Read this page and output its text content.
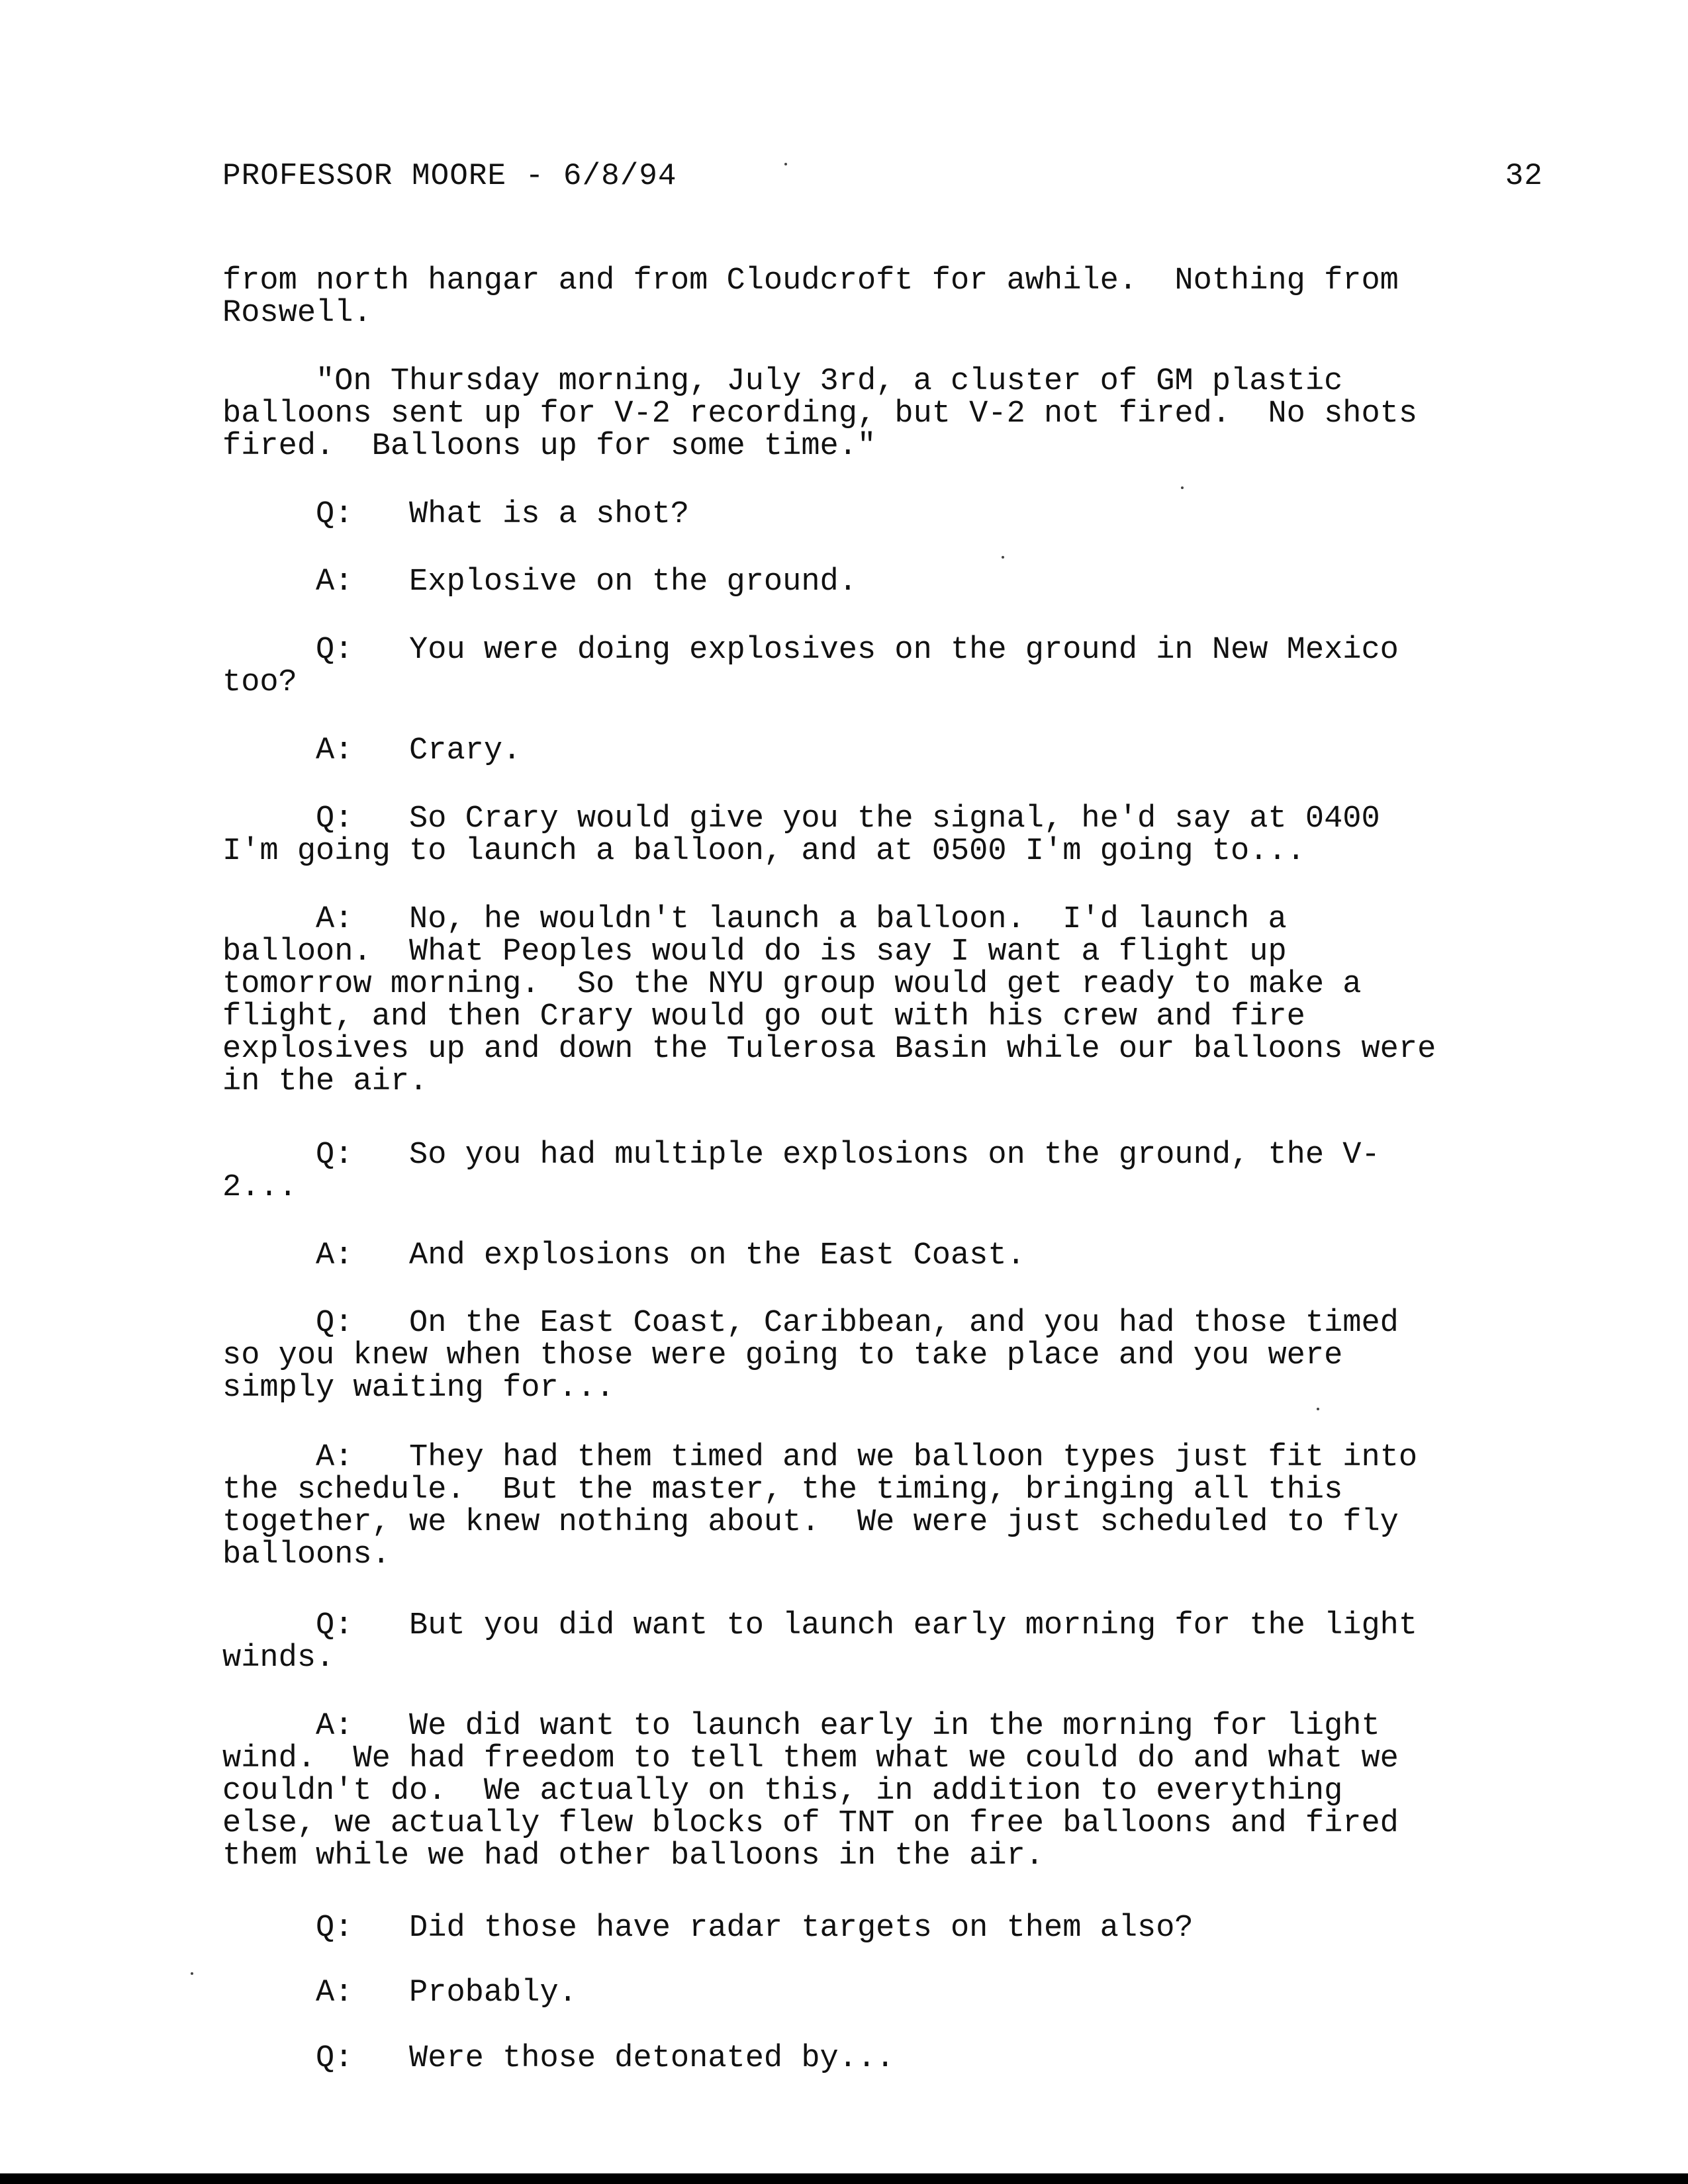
PROFESSOR MOORE - 6/8/94	32

from north hangar and from Cloudcroft for awhile.  Nothing from
Roswell.

"On Thursday morning, July 3rd, a cluster of GM plastic
balloons sent up for V-2 recording, but V-2 not fired.  No shots
fired.  Balloons up for some time."

Q:   What is a shot?

A:   Explosive on the ground.

Q:   You were doing explosives on the ground in New Mexico
too?

A:   Crary.

Q:   So Crary would give you the signal, he'd say at 0400
I'm going to launch a balloon, and at 0500 I'm going to...

A:   No, he wouldn't launch a balloon.  I'd launch a
balloon.  What Peoples would do is say I want a flight up
tomorrow morning.  So the NYU group would get ready to make a
flight, and then Crary would go out with his crew and fire
explosives up and down the Tulerosa Basin while our balloons were
in the air.

Q:   So you had multiple explosions on the ground, the V-
2...

A:   And explosions on the East Coast.

Q:   On the East Coast, Caribbean, and you had those timed
so you knew when those were going to take place and you were
simply waiting for...

A:   They had them timed and we balloon types just fit into
the schedule.  But the master, the timing, bringing all this
together, we knew nothing about.  We were just scheduled to fly
balloons.

Q:   But you did want to launch early morning for the light
winds.

A:   We did want to launch early in the morning for light
wind.  We had freedom to tell them what we could do and what we
couldn't do.  We actually on this, in addition to everything
else, we actually flew blocks of TNT on free balloons and fired
them while we had other balloons in the air.

Q:   Did those have radar targets on them also?

A:   Probably.

Q:   Were those detonated by...
